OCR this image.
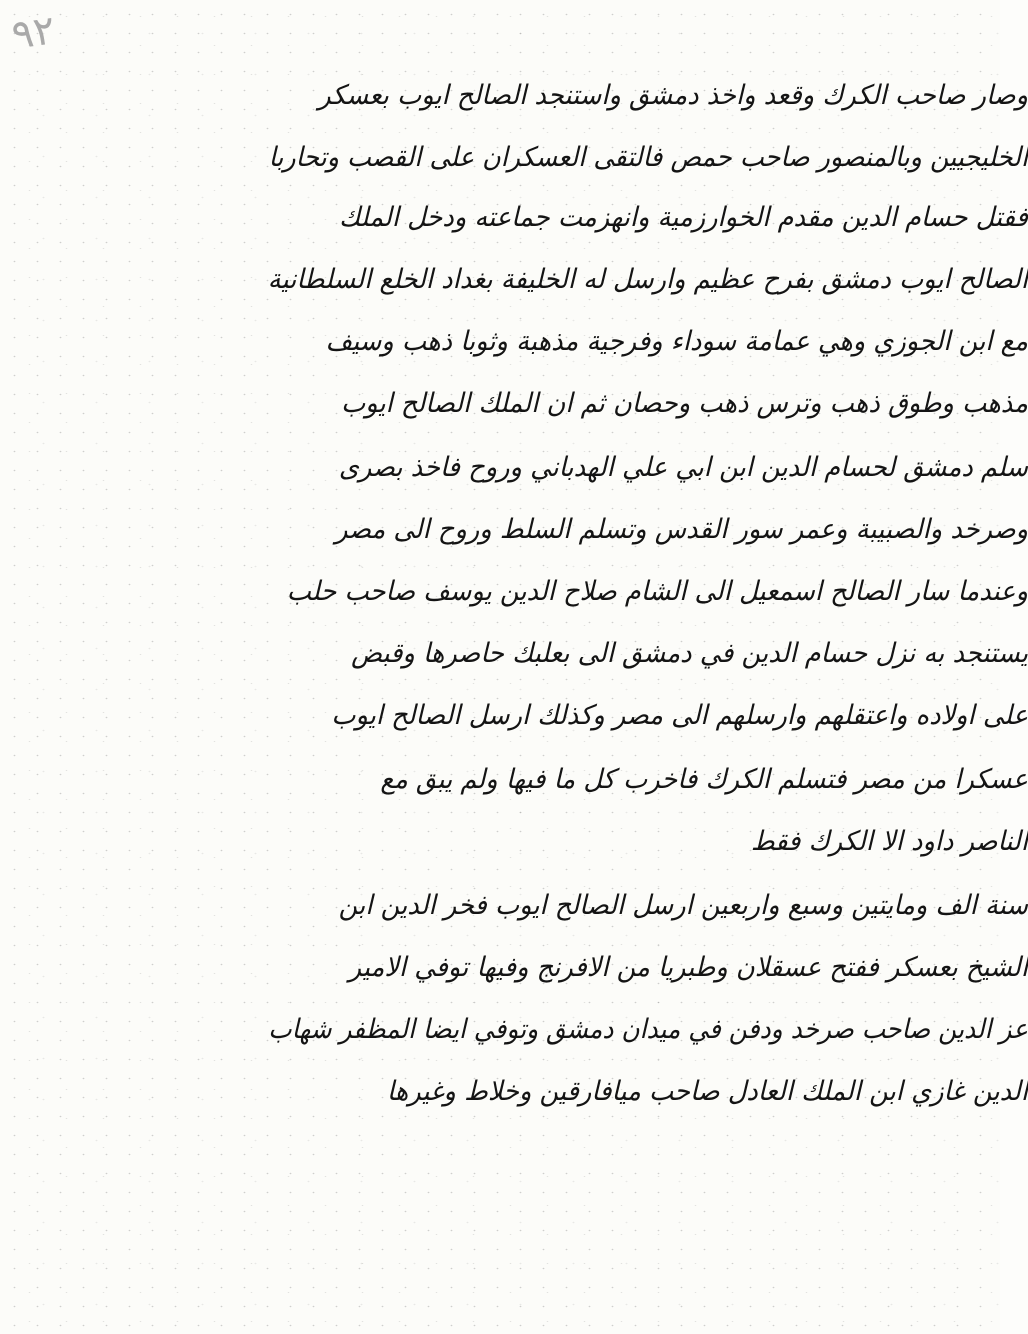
٩٢
وصار صاحب الكرك وقعد واخذ دمشق واستنجد الصالح ايوب بعسكر
الخليجيين وبالمنصور صاحب حمص فالتقى العسكران على القصب وتحاربا
فقتل حسام الدين مقدم الخوارزمية وانهزمت جماعته ودخل الملك
الصالح ايوب دمشق بفرح عظيم وارسل له الخليفة بغداد الخلع السلطانية
مع ابن الجوزي وهي عمامة سوداء وفرجية مذهبة وثوبا ذهب وسيف
مذهب وطوق ذهب وترس ذهب وحصان ثم ان الملك الصالح ايوب
سلم دمشق لحسام الدين ابن ابي علي الهدباني وروح فاخذ بصرى
وصرخد والصبيبة وعمر سور القدس وتسلم السلط وروح الى مصر
وعندما سار الصالح اسمعيل الى الشام صلاح الدين يوسف صاحب حلب
يستنجد به نزل حسام الدين في دمشق الى بعلبك حاصرها وقبض
على اولاده واعتقلهم وارسلهم الى مصر وكذلك ارسل الصالح ايوب
عسكرا من مصر فتسلم الكرك فاخرب كل ما فيها ولم يبق مع
الناصر داود الا الكرك فقط
سنة الف ومايتين وسبع واربعين ارسل الصالح ايوب فخر الدين ابن
الشيخ بعسكر ففتح عسقلان وطبريا من الافرنج وفيها توفي الامير
عز الدين صاحب صرخد ودفن في ميدان دمشق وتوفي ايضا المظفر شهاب
الدين غازي ابن الملك العادل صاحب ميافارقين وخلاط وغيرها
